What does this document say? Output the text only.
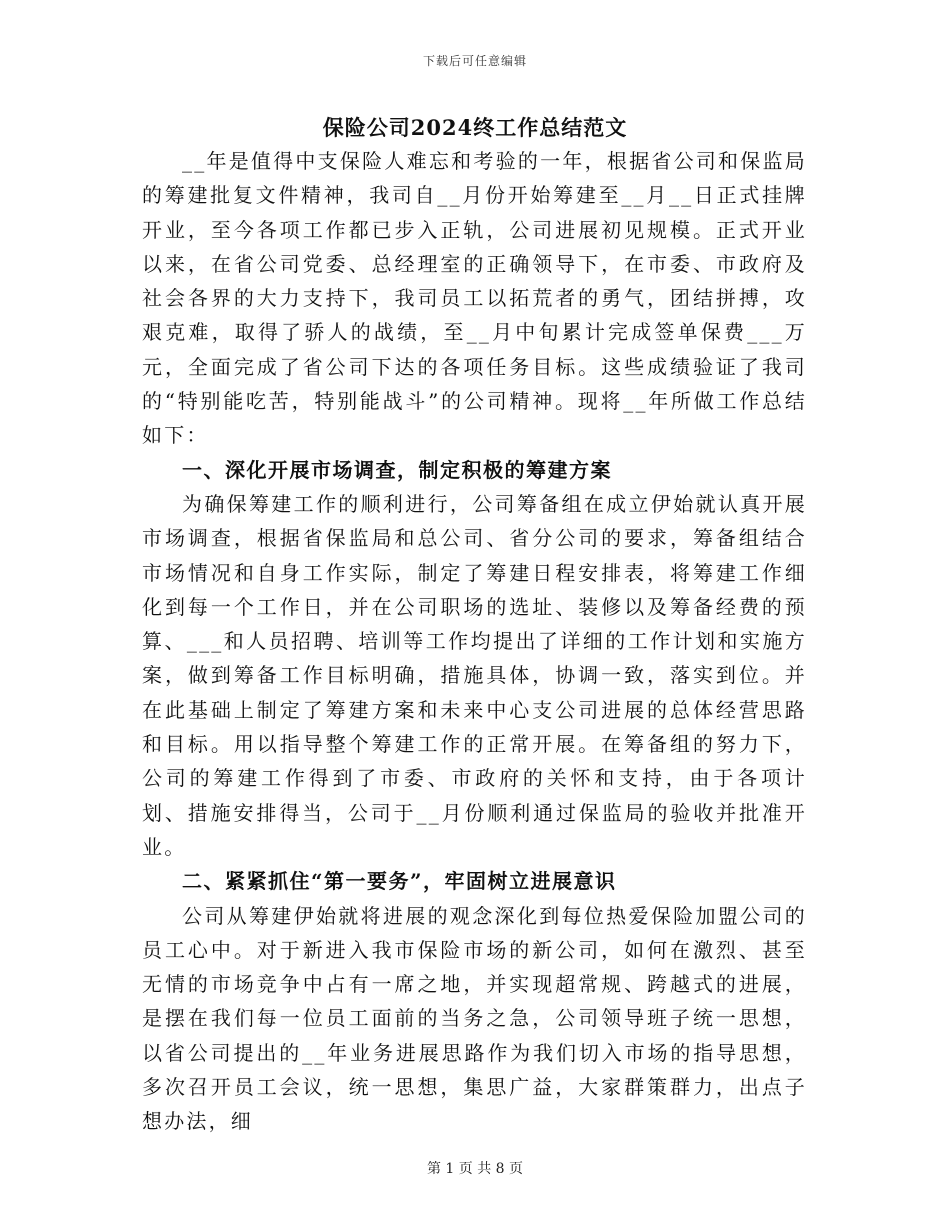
下载后可任意编辑
保险公司2024终工作总结范文

__年是值得中支保险人难忘和考验的一年，根据省公司和保监局的筹建批复文件精神，我司自__月份开始筹建至__月__日正式挂牌开业，至今各项工作都已步入正轨，公司进展初见规模。正式开业以来，在省公司党委、总经理室的正确领导下，在市委、市政府及社会各界的大力支持下，我司员工以拓荒者的勇气，团结拼搏，攻艰克难，取得了骄人的战绩，至__月中旬累计完成签单保费___万元，全面完成了省公司下达的各项任务目标。这些成绩验证了我司的“特别能吃苦，特别能战斗”的公司精神。现将__年所做工作总结如下：

一、深化开展市场调查，制定积极的筹建方案

为确保筹建工作的顺利进行，公司筹备组在成立伊始就认真开展市场调查，根据省保监局和总公司、省分公司的要求，筹备组结合市场情况和自身工作实际，制定了筹建日程安排表，将筹建工作细化到每一个工作日，并在公司职场的选址、装修以及筹备经费的预算、___和人员招聘、培训等工作均提出了详细的工作计划和实施方案，做到筹备工作目标明确，措施具体，协调一致，落实到位。并在此基础上制定了筹建方案和未来中心支公司进展的总体经营思路和目标。用以指导整个筹建工作的正常开展。在筹备组的努力下，公司的筹建工作得到了市委、市政府的关怀和支持，由于各项计划、措施安排得当，公司于__月份顺利通过保监局的验收并批准开业。

二、紧紧抓住“第一要务”，牢固树立进展意识

公司从筹建伊始就将进展的观念深化到每位热爱保险加盟公司的员工心中。对于新进入我市保险市场的新公司，如何在激烈、甚至无情的市场竞争中占有一席之地，并实现超常规、跨越式的进展，是摆在我们每一位员工面前的当务之急，公司领导班子统一思想，以省公司提出的__年业务进展思路作为我们切入市场的指导思想，多次召开员工会议，统一思想，集思广益，大家群策群力，出点子想办法，细

第 1 页 共 8 页
